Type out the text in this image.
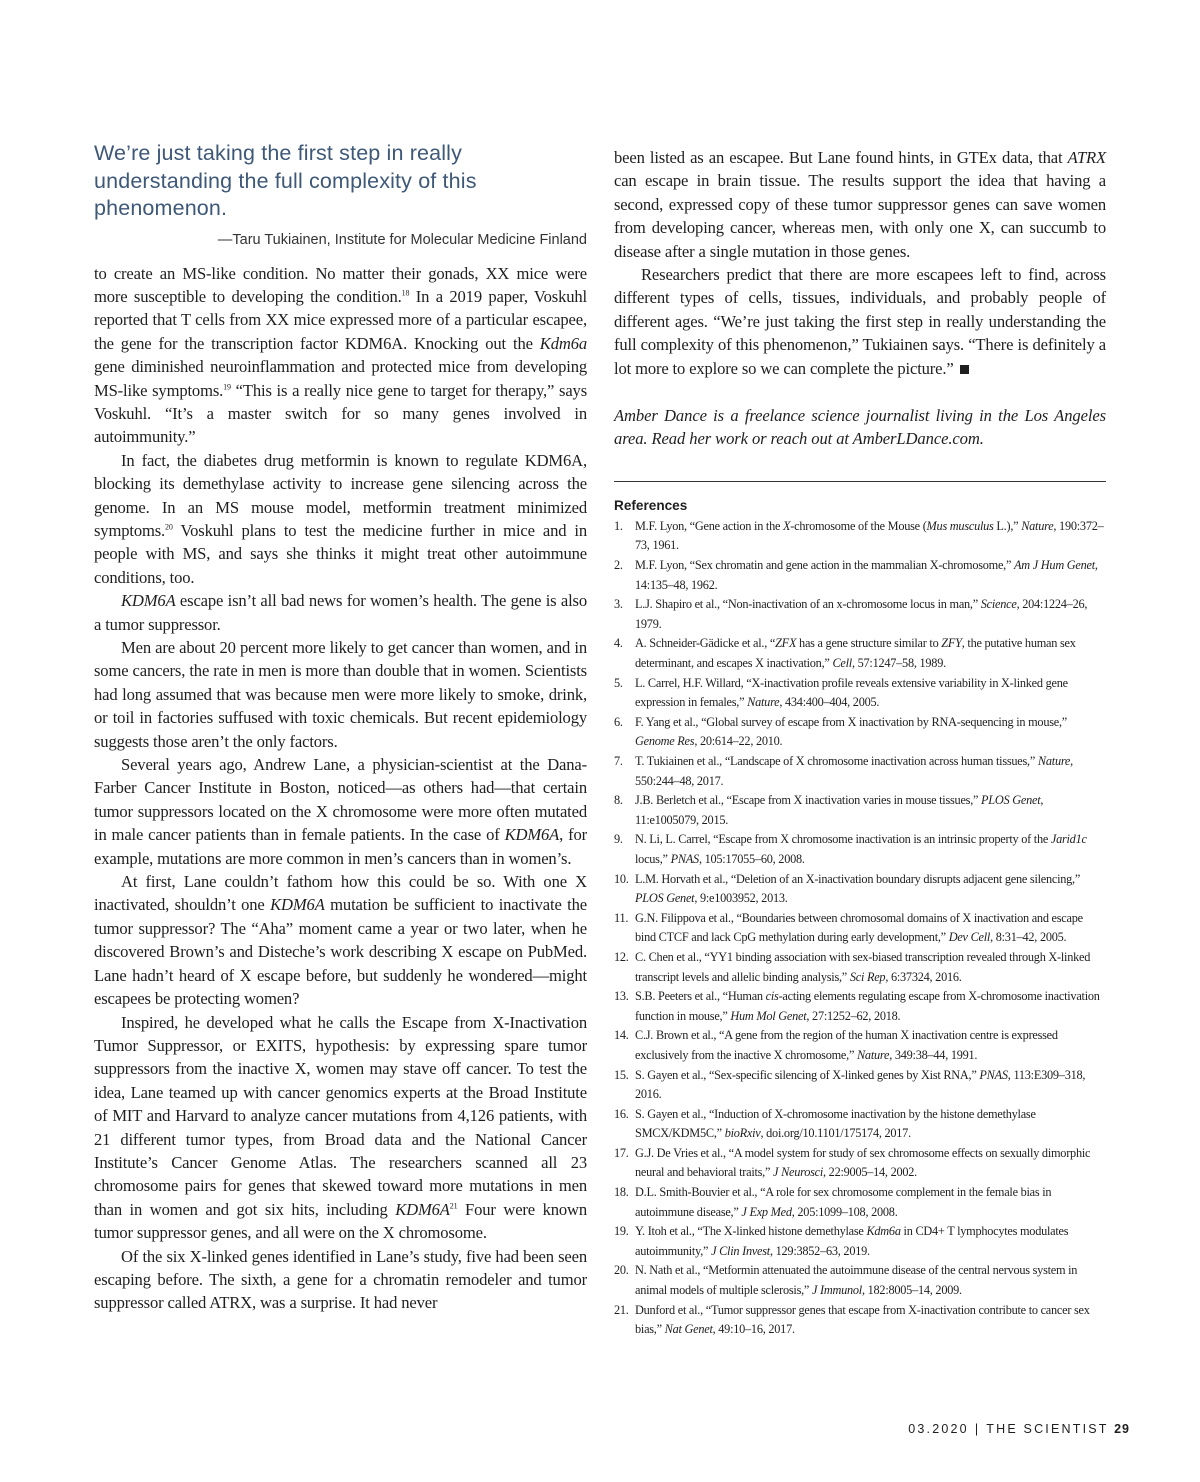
We’re just taking the first step in really understanding the full complexity of this phenomenon.

—Taru Tukiainen, Institute for Molecular Medicine Finland

to create an MS-like condition. No matter their gonads, XX mice were more susceptible to developing the condition.$^{18}$ In a 2019 paper, Voskuhl reported that T cells from XX mice expressed more of a particular escapee, the gene for the transcription factor KDM6A. Knocking out the Kdm6a gene diminished neuroinflammation and protected mice from developing MS-like symptoms.$^{19}$ “This is a really nice gene to target for therapy,” says Voskuhl. “It’s a master switch for so many genes involved in autoimmunity.”

In fact, the diabetes drug metformin is known to regulate KDM6A, blocking its demethylase activity to increase gene silencing across the genome. In an MS mouse model, metformin treatment minimized symptoms.$^{20}$ Voskuhl plans to test the medicine further in mice and in people with MS, and says she thinks it might treat other autoimmune conditions, too.

KDM6A escape isn’t all bad news for women’s health. The gene is also a tumor suppressor.

Men are about 20 percent more likely to get cancer than women, and in some cancers, the rate in men is more than double that in women. Scientists had long assumed that was because men were more likely to smoke, drink, or toil in factories suffused with toxic chemicals. But recent epidemiology suggests those aren’t the only factors.

Several years ago, Andrew Lane, a physician-scientist at the Dana-Farber Cancer Institute in Boston, noticed—as others had—that certain tumor suppressors located on the X chromosome were more often mutated in male cancer patients than in female patients. In the case of KDM6A, for example, mutations are more common in men’s cancers than in women’s.

At first, Lane couldn’t fathom how this could be so. With one X inactivated, shouldn’t one KDM6A mutation be sufficient to inactivate the tumor suppressor? The “Aha” moment came a year or two later, when he discovered Brown’s and Disteche’s work describing X escape on PubMed. Lane hadn’t heard of X escape before, but suddenly he wondered—might escapees be protecting women?

Inspired, he developed what he calls the Escape from X-Inactivation Tumor Suppressor, or EXITS, hypothesis: by expressing spare tumor suppressors from the inactive X, women may stave off cancer. To test the idea, Lane teamed up with cancer genomics experts at the Broad Institute of MIT and Harvard to analyze cancer mutations from 4,126 patients, with 21 different tumor types, from Broad data and the National Cancer Institute’s Cancer Genome Atlas. The researchers scanned all 23 chromosome pairs for genes that skewed toward more mutations in men than in women and got six hits, including $KDM6A^{21}$ Four were known tumor suppressor genes, and all were on the X chromosome.

Of the six X-linked genes identified in Lane’s study, five had been seen escaping before. The sixth, a gene for a chromatin remodeler and tumor suppressor called ATRX, was a surprise. It had never

been listed as an escapee. But Lane found hints, in GTEx data, that ATRX can escape in brain tissue. The results support the idea that having a second, expressed copy of these tumor suppressor genes can save women from developing cancer, whereas men, with only one X, can succumb to disease after a single mutation in those genes.

Researchers predict that there are more escapees left to find, across different types of cells, tissues, individuals, and probably people of different ages. “We’re just taking the first step in really understanding the full complexity of this phenomenon,” Tukiainen says. “There is definitely a lot more to explore so we can complete the picture.”

Amber Dance is a freelance science journalist living in the Los Angeles area. Read her work or reach out at AmberLDance.com.

References
1. M.F. Lyon, “Gene action in the X-chromosome of the Mouse (Mus musculus L.),” Nature, 190:372–73, 1961.
2. M.F. Lyon, “Sex chromatin and gene action in the mammalian X-chromosome,” Am J Hum Genet, 14:135–48, 1962.
3. L.J. Shapiro et al., “Non-inactivation of an x-chromosome locus in man,” Science, 204:1224–26, 1979.
4. A. Schneider-Gädicke et al., “ZFX has a gene structure similar to ZFY, the putative human sex determinant, and escapes X inactivation,” Cell, 57:1247–58, 1989.
5. L. Carrel, H.F. Willard, “X-inactivation profile reveals extensive variability in X-linked gene expression in females,” Nature, 434:400–404, 2005.
6. F. Yang et al., “Global survey of escape from X inactivation by RNA-sequencing in mouse,” Genome Res, 20:614–22, 2010.
7. T. Tukiainen et al., “Landscape of X chromosome inactivation across human tissues,” Nature, 550:244–48, 2017.
8. J.B. Berletch et al., “Escape from X inactivation varies in mouse tissues,” PLOS Genet, 11:e1005079, 2015.
9. N. Li, L. Carrel, “Escape from X chromosome inactivation is an intrinsic property of the Jarid1c locus,” PNAS, 105:17055–60, 2008.
10. L.M. Horvath et al., “Deletion of an X-inactivation boundary disrupts adjacent gene silencing,” PLOS Genet, 9:e1003952, 2013.
11. G.N. Filippova et al., “Boundaries between chromosomal domains of X inactivation and escape bind CTCF and lack CpG methylation during early development,” Dev Cell, 8:31–42, 2005.
12. C. Chen et al., “YY1 binding association with sex-biased transcription revealed through X-linked transcript levels and allelic binding analysis,” Sci Rep, 6:37324, 2016.
13. S.B. Peeters et al., “Human cis-acting elements regulating escape from X-chromosome inactivation function in mouse,” Hum Mol Genet, 27:1252–62, 2018.
14. C.J. Brown et al., “A gene from the region of the human X inactivation centre is expressed exclusively from the inactive X chromosome,” Nature, 349:38–44, 1991.
15. S. Gayen et al., “Sex-specific silencing of X-linked genes by Xist RNA,” PNAS, 113:E309–318, 2016.
16. S. Gayen et al., “Induction of X-chromosome inactivation by the histone demethylase SMCX/KDM5C,” bioRxiv, doi.org/10.1101/175174, 2017.
17. G.J. De Vries et al., “A model system for study of sex chromosome effects on sexually dimorphic neural and behavioral traits,” J Neurosci, 22:9005–14, 2002.
18. D.L. Smith-Bouvier et al., “A role for sex chromosome complement in the female bias in autoimmune disease,” J Exp Med, 205:1099–108, 2008.
19. Y. Itoh et al., “The X-linked histone demethylase Kdm6a in CD4+ T lymphocytes modulates autoimmunity,” J Clin Invest, 129:3852–63, 2019.
20. N. Nath et al., “Metformin attenuated the autoimmune disease of the central nervous system in animal models of multiple sclerosis,” J Immunol, 182:8005–14, 2009.
21. Dunford et al., “Tumor suppressor genes that escape from X-inactivation contribute to cancer sex bias,” Nat Genet, 49:10–16, 2017.
03.2020 | THE SCIENTIST 29
